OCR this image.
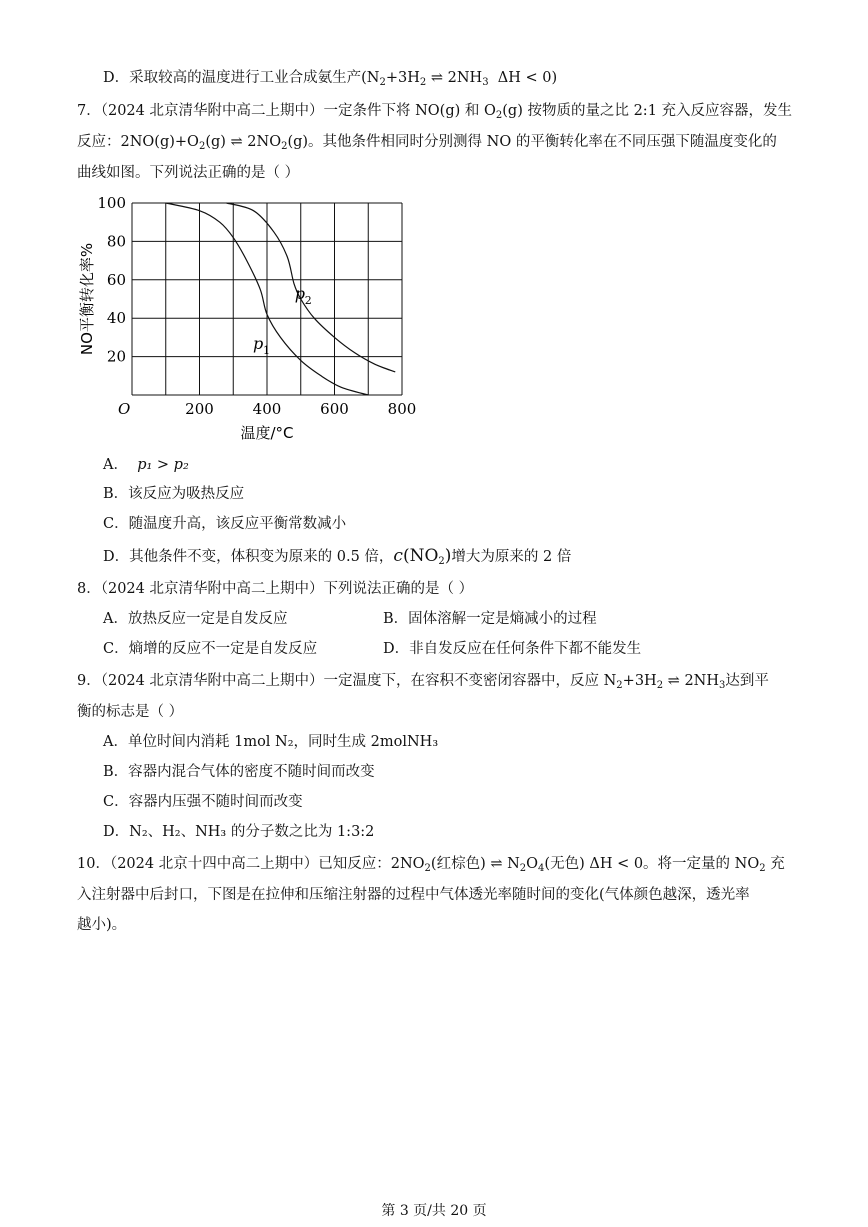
D．采取较高的温度进行工业合成氨生产($N_2+3H_2$ ⇌ $2NH_3$ ΔH < 0)
7．（2024 北京清华附中高二上期中）一定条件下将 NO(g) 和 $O_2(g)$ 按物质的量之比 2:1 充入反应容器，发生
反应：$2NO(g)+O_2(g)$ ⇌ $2NO_2(g)$。其他条件相同时分别测得 NO 的平衡转化率在不同压强下随温度变化的
曲线如图。下列说法正确的是（ ）
20
40
60
80
100
200	400	600	800
p 1
p 2
O
温度/°C
NO平衡转化率%
A． p₁ > p₂
B．该反应为吸热反应
C．随温度升高，该反应平衡常数减小
D．其他条件不变，体积变为原来的 0.5 倍，$c(NO_2)$增大为原来的 2 倍
8．（2024 北京清华附中高二上期中）下列说法正确的是（ ）
A．放热反应一定是自发反应	B．固体溶解一定是熵减小的过程
C．熵增的反应不一定是自发反应	D．非自发反应在任何条件下都不能发生
9．（2024 北京清华附中高二上期中）一定温度下，在容积不变密闭容器中，反应 $N_2+3H_2$ ⇌ $2NH_3$达到平
衡的标志是（ ）
A．单位时间内消耗 1mol N₂，同时生成 2molNH₃
B．容器内混合气体的密度不随时间而改变
C．容器内压强不随时间而改变
D．N₂、H₂、NH₃ 的分子数之比为 1:3:2
10．（2024 北京十四中高二上期中）已知反应：$2NO_2$(红棕色) ⇌ $N_2O_4$(无色) ΔH < 0。将一定量的 $NO_2$ 充
入注射器中后封口，下图是在拉伸和压缩注射器的过程中气体透光率随时间的变化(气体颜色越深，透光率
越小)。
第 3 页/共 20 页
